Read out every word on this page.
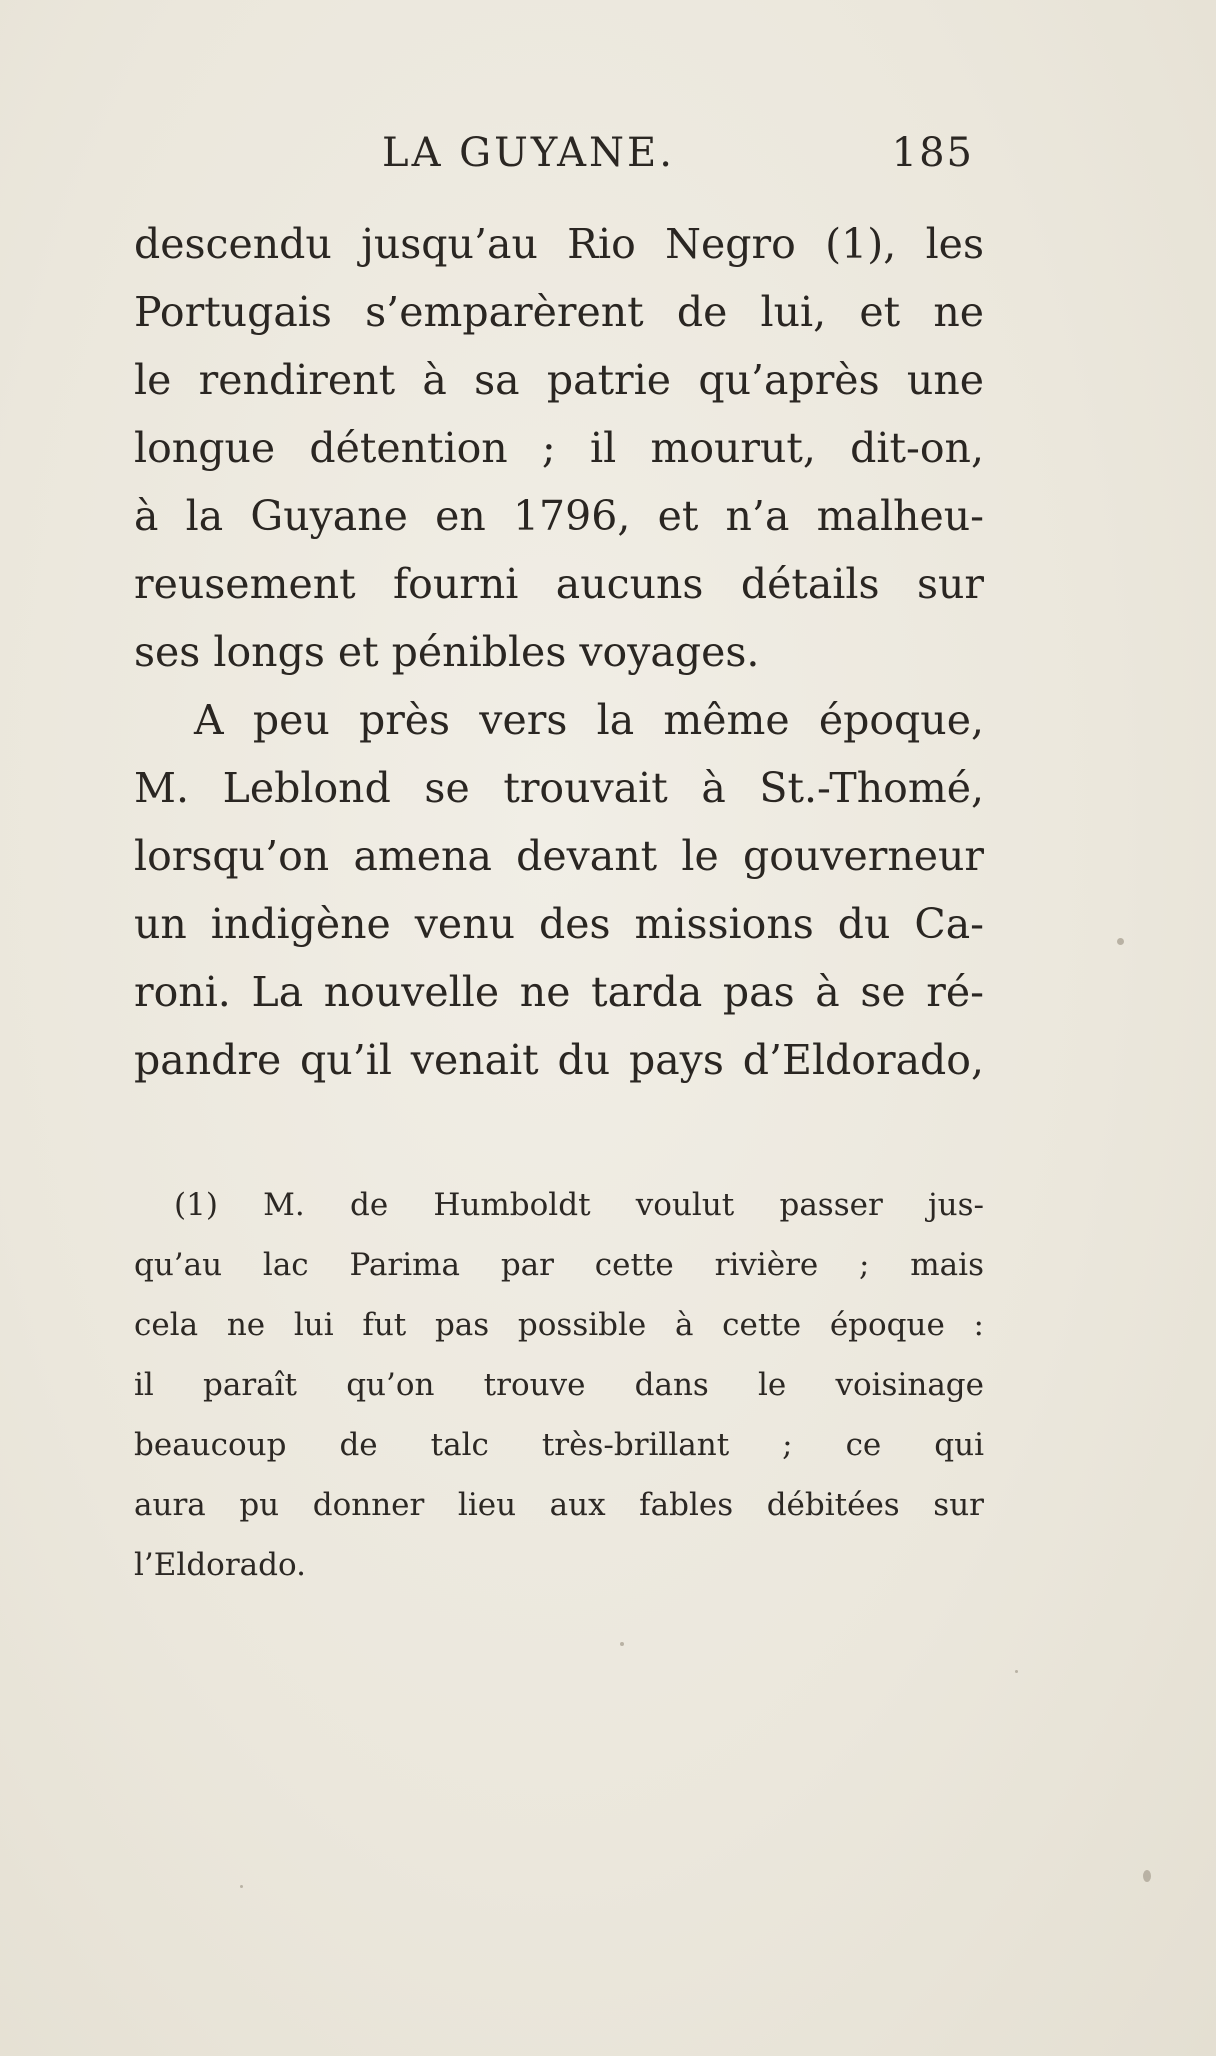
LA GUYANE.	185
descendu jusqu’au Rio Negro (1), les
Portugais s’emparèrent de lui, et ne
le rendirent à sa patrie qu’après une
longue détention ; il mourut, dit-on,
à la Guyane en 1796, et n’a malheu-
reusement fourni aucuns détails sur
ses longs et pénibles voyages.
A peu près vers la même époque,
M. Leblond se trouvait à St.-Thomé,
lorsqu’on amena devant le gouverneur
un indigène venu des missions du Ca-
roni. La nouvelle ne tarda pas à se ré-
pandre qu’il venait du pays d’Eldorado,
(1) M. de Humboldt voulut passer jus-
qu’au lac Parima par cette rivière ; mais
cela ne lui fut pas possible à cette époque :
il paraît qu’on trouve dans le voisinage
beaucoup de talc très-brillant ; ce qui
aura pu donner lieu aux fables débitées sur
l’Eldorado.
